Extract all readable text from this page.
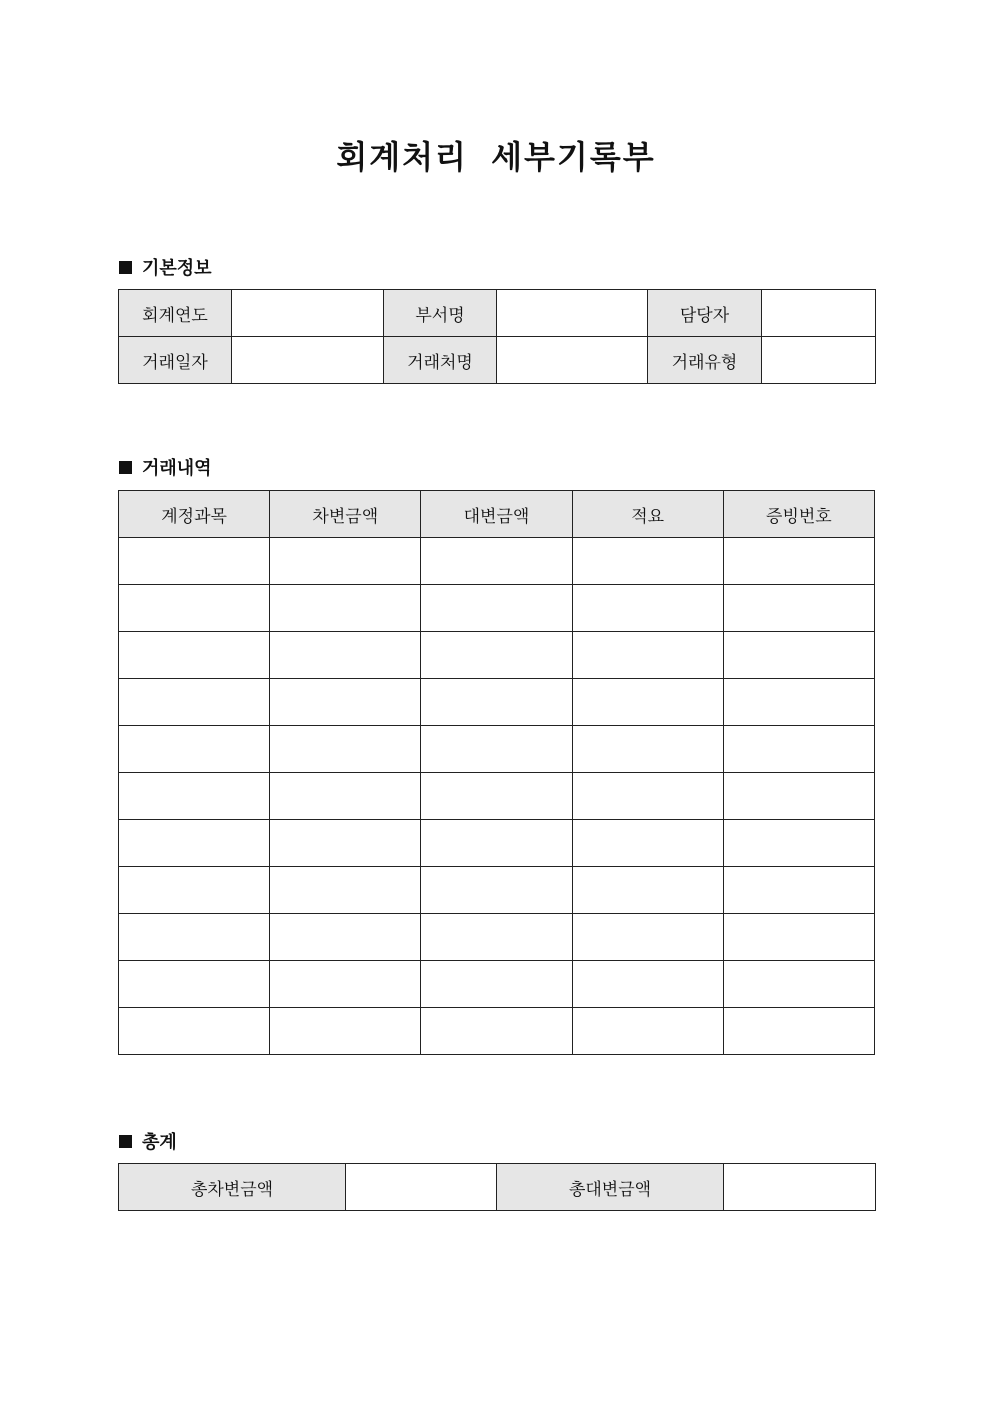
회계처리 세부기록부
기본정보
회계연도		부서명		담당자	
거래일자		거래처명		거래유형	
거래내역
계정과목	차변금액	대변금액	적요	증빙번호

총계
총차변금액		총대변금액	
